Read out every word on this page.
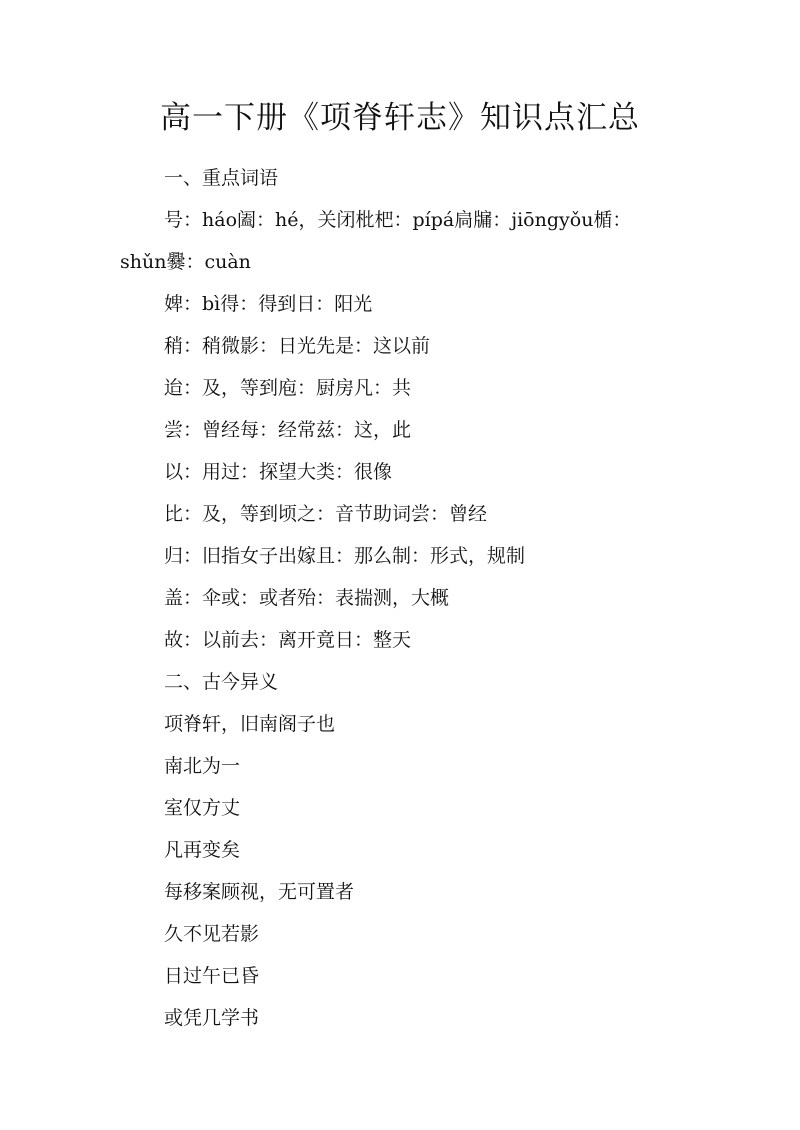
高一下册《项脊轩志》知识点汇总
一、重点词语
号：háo阖：hé，关闭枇杷：pípá扃牖：jiōngyǒu楯：
shǔn爨：cuàn
婢：bì得：得到日：阳光
稍：稍微影：日光先是：这以前
迨：及，等到庖：厨房凡：共
尝：曾经每：经常兹：这，此
以：用过：探望大类：很像
比：及，等到顷之：音节助词尝：曾经
归：旧指女子出嫁且：那么制：形式，规制
盖：伞或：或者殆：表揣测，大概
故：以前去：离开竟日：整天
二、古今异义
项脊轩，旧南阁子也
南北为一
室仅方丈
凡再变矣
每移案顾视，无可置者
久不见若影
日过午已昏
或凭几学书
